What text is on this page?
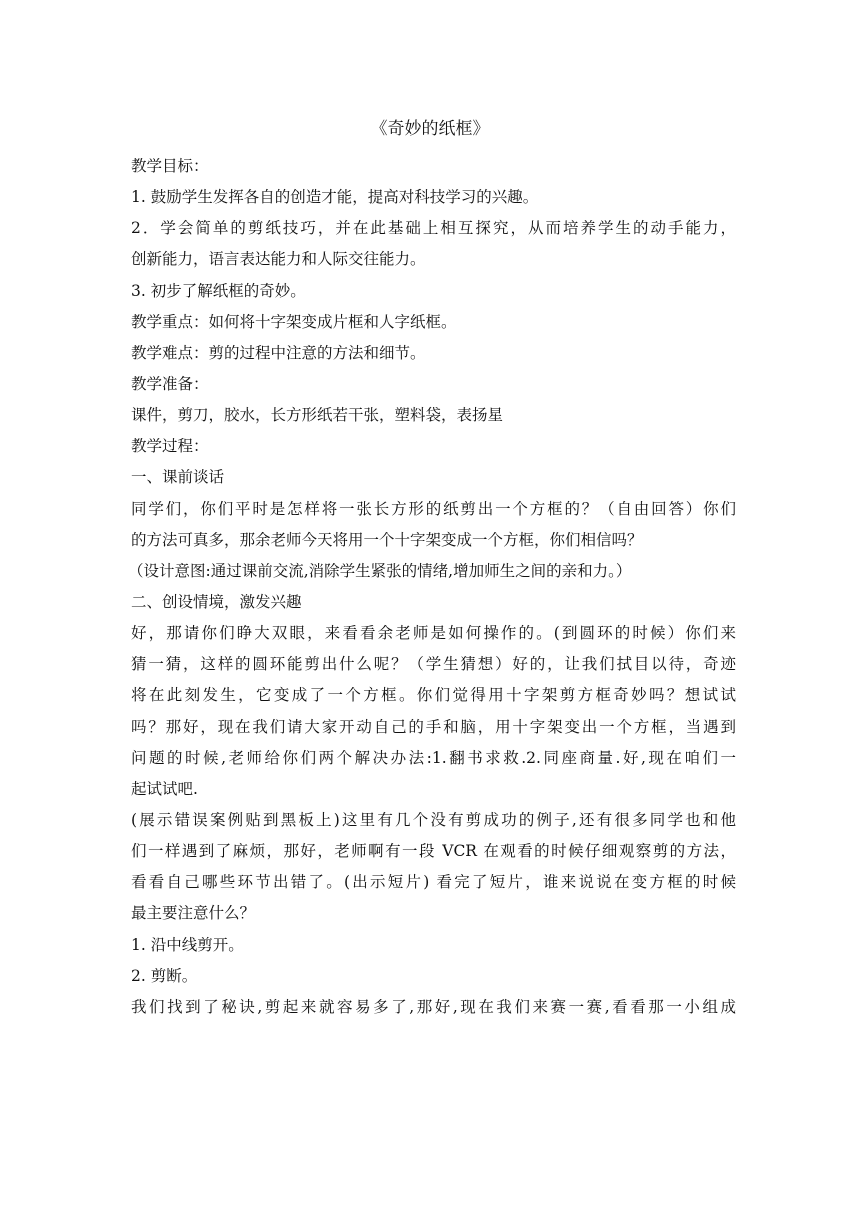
《奇妙的纸框》
教学目标：
1. 鼓励学生发挥各自的创造才能，提高对科技学习的兴趣。
2．学会简单的剪纸技巧，并在此基础上相互探究，从而培养学生的动手能力，
创新能力，语言表达能力和人际交往能力。
3. 初步了解纸框的奇妙。
教学重点：如何将十字架变成片框和人字纸框。
教学难点：剪的过程中注意的方法和细节。
教学准备：
课件，剪刀，胶水，长方形纸若干张，塑料袋，表扬星
教学过程：
一、课前谈话
同学们，你们平时是怎样将一张长方形的纸剪出一个方框的？（自由回答）你们
的方法可真多，那余老师今天将用一个十字架变成一个方框，你们相信吗？
（设计意图:通过课前交流,消除学生紧张的情绪,增加师生之间的亲和力。）
二、创设情境，激发兴趣
好，那请你们睁大双眼，来看看余老师是如何操作的。(到圆环的时候）你们来
猜一猜，这样的圆环能剪出什么呢？（学生猜想）好的，让我们拭目以待，奇迹
将在此刻发生，它变成了一个方框。你们觉得用十字架剪方框奇妙吗？想试试
吗？那好，现在我们请大家开动自己的手和脑，用十字架变出一个方框，当遇到
问题的时候,老师给你们两个解决办法:1.翻书求救.2.同座商量.好,现在咱们一
起试试吧.
(展示错误案例贴到黑板上)这里有几个没有剪成功的例子,还有很多同学也和他
们一样遇到了麻烦，那好，老师啊有一段 VCR 在观看的时候仔细观察剪的方法，
看看自己哪些环节出错了。(出示短片) 看完了短片，谁来说说在变方框的时候
最主要注意什么？
1. 沿中线剪开。
2. 剪断。
我们找到了秘诀,剪起来就容易多了,那好,现在我们来赛一赛,看看那一小组成
